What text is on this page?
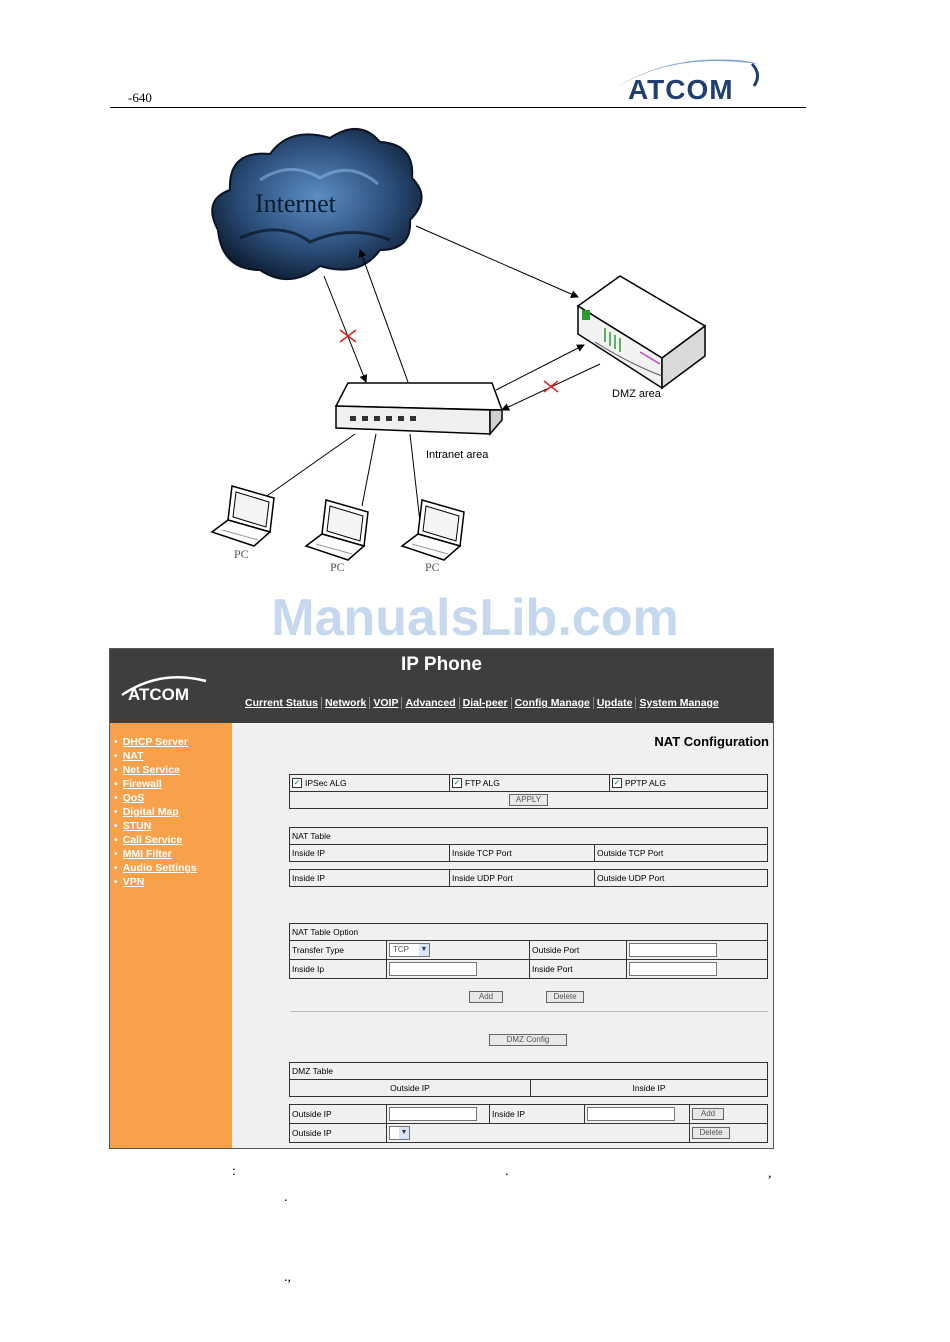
-640	ATCOM
Internet
DMZ area
Intranet area
PC
PC	PC
ManualsLib.com
IP Phone
ATCOM	Current Status Network VOIP Advanced Dial-peer Config Manage Update System Manage
• DHCP Server
• NAT
• Net Service
• Firewall
• QoS
• Digital Map
• STUN
• Call Service
• MMI Filter
• Audio Settings
• VPN
NAT Configuration
✓ IPSec ALG	✓ FTP ALG	✓ PPTP ALG
APPLY
NAT Table
Inside IP	Inside TCP Port	Outside TCP Port
Inside IP	Inside UDP Port	Outside UDP Port
NAT Table Option			
Transfer Type	TCP ▼	Outside Port	
Inside Ip		Inside Port	
Add	Delete
DMZ Config
DMZ Table
Outside IP	Inside IP
Outside IP		Inside IP		Add
Outside IP	▼			Delete
:	.	,
.
.,
